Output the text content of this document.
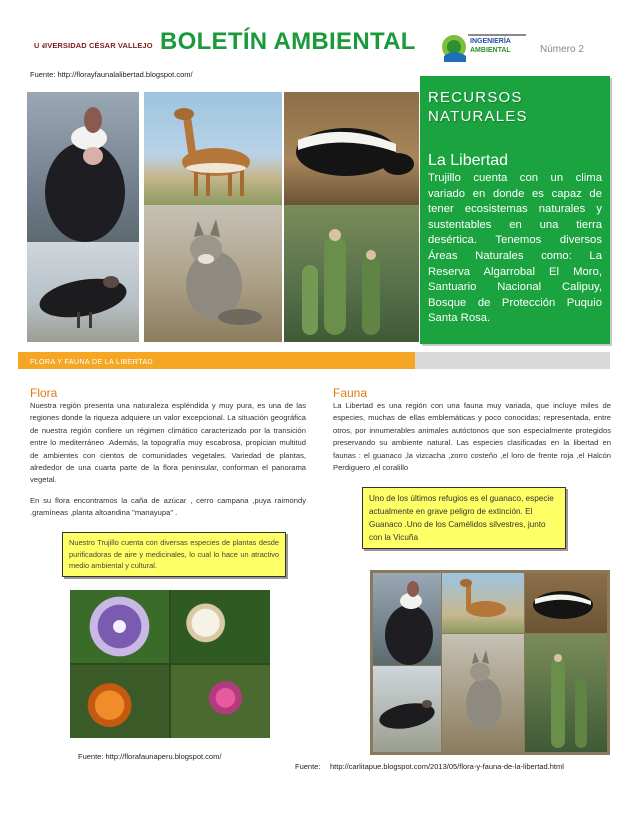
UNIVERSIDAD CÉSAR VALLEJO BOLETÍN AMBIENTAL	INGENIERÍA
AMBIENTAL	Número 2
Fuente: http://florayfaunalalibertad.blogspot.com/
RECURSOS
NATURALES
La Libertad
Trujillo cuenta con un clima variado en donde es capaz de tener ecosistemas naturales y sustentables en una tierra desértica. Tenemos diversos Áreas Naturales como: La Reserva Algarrobal El Moro, Santuario Nacional Calipuy, Bosque de Protección Puquio Santa Rosa.
FLORA Y FAUNA DE LA LIBERTAD
Flora
Nuestra región presenta una naturaleza espléndida y muy pura, es una de las regiones donde la riqueza adquiere un valor excepcional. La situación geográfica de nuestra región confiere un régimen climático caracterizado por la transición entre lo mediterráneo .Además, la topografía muy escabrosa, propician multitud de ambientes con cientos de comunidades vegetales. Variedad de plantas, alrededor de una cuarta parte de la flora peninsular, conforman el panorama vegetal.
En su flora encontramos la caña de azúcar , cerro campana ,puya raimondy .gramíneas ,planta altoandina "manayupa" .
Nuestro Trujillo cuenta con diversas especies de plantas desde purificadoras de aire y medicinales, lo cual lo hace un atractivo medio ambiental y cultural.
Fuente: http://florafaunaperu.blogspot.com/
Fauna
La Libertad es una región con una fauna muy variada, que incluye miles de especies, muchas de ellas emblemáticas y poco conocidas; representada, entre otros, por innumerables animales autóctonos que son especialmente protegidos preservando su ambiente natural. Las especies clasificadas en la libertad en faunas : el guanaco ,la vizcacha ,zorro costeño ,el loro de frente roja ,el Halcón Perdiguero ,el coralillo
Uno de los últimos refugios es el guanaco, especie actualmente en grave peligro de extinción. El Guanaco .Uno de los Camélidos silvestres, junto con la Vicuña
Fuente: http://carlitapue.blogspot.com/2013/05/flora-y-fauna-de-la-libertad.html
